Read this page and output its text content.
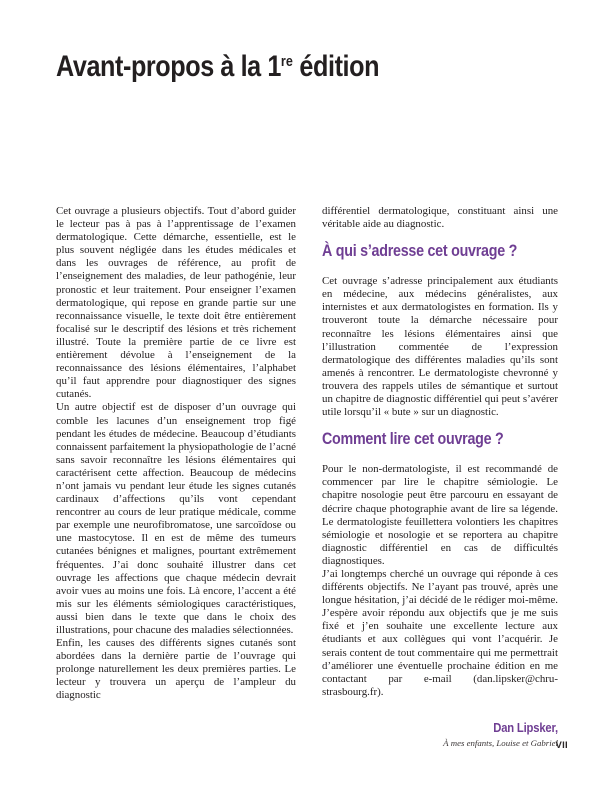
Avant-propos à la 1re édition

Cet ouvrage a plusieurs objectifs. Tout d’abord guider le lecteur pas à pas à l’apprentissage de l’examen dermatologique. Cette démarche, essentielle, est le plus souvent négligée dans les études médicales et dans les ouvrages de référence, au profit de l’enseignement des maladies, de leur pathogénie, leur pronostic et leur traitement. Pour enseigner l’examen dermatologique, qui repose en grande partie sur une reconnaissance visuelle, le texte doit être entièrement focalisé sur le descriptif des lésions et très richement illustré. Toute la première partie de ce livre est entièrement dévolue à l’enseignement de la reconnaissance des lésions élémentaires, l’alphabet qu’il faut apprendre pour diagnostiquer des signes cutanés.

Un autre objectif est de disposer d’un ouvrage qui comble les lacunes d’un enseignement trop figé pendant les études de médecine. Beaucoup d’étudiants connaissent parfaitement la physiopathologie de l’acné sans savoir reconnaître les lésions élémentaires qui caractérisent cette affection. Beaucoup de médecins n’ont jamais vu pendant leur étude les signes cutanés cardinaux d’affections qu’ils vont cependant rencontrer au cours de leur pratique médicale, comme par exemple une neurofibromatose, une sarcoïdose ou une mastocytose. Il en est de même des tumeurs cutanées bénignes et malignes, pourtant extrêmement fréquentes. J’ai donc souhaité illustrer dans cet ouvrage les affections que chaque médecin devrait avoir vues au moins une fois. Là encore, l’accent a été mis sur les éléments sémiologiques caractéristiques, aussi bien dans le texte que dans le choix des illustrations, pour chacune des maladies sélectionnées.

Enfin, les causes des différents signes cutanés sont abordées dans la dernière partie de l’ouvrage qui prolonge naturellement les deux premières parties. Le lecteur y trouvera un aperçu de l’ampleur du diagnostic

différentiel dermatologique, constituant ainsi une véritable aide au diagnostic.

À qui s’adresse cet ouvrage ?

Cet ouvrage s’adresse principalement aux étudiants en médecine, aux médecins généralistes, aux internistes et aux dermatologistes en formation. Ils y trouveront toute la démarche nécessaire pour reconnaître les lésions élémentaires ainsi que l’illustration commentée de l’expression dermatologique des différentes maladies qu’ils sont amenés à rencontrer. Le dermatologiste chevronné y trouvera des rappels utiles de sémantique et surtout un chapitre de diagnostic différentiel qui peut s’avérer utile lorsqu’il « bute » sur un diagnostic.

Comment lire cet ouvrage ?

Pour le non-dermatologiste, il est recommandé de commencer par lire le chapitre sémiologie. Le chapitre nosologie peut être parcouru en essayant de décrire chaque photographie avant de lire sa légende. Le dermatologiste feuillettera volontiers les chapitres sémiologie et nosologie et se reportera au chapitre diagnostic différentiel en cas de difficultés diagnostiques.

J’ai longtemps cherché un ouvrage qui réponde à ces différents objectifs. Ne l’ayant pas trouvé, après une longue hésitation, j’ai décidé de le rédiger moi-même. J’espère avoir répondu aux objectifs que je me suis fixé et j’en souhaite une excellente lecture aux étudiants et aux collègues qui vont l’acquérir. Je serais content de tout commentaire qui me permettrait d’améliorer une éventuelle prochaine édition en me contactant par e-mail (dan.lipsker@chru-strasbourg.fr).

Dan Lipsker,
À mes enfants, Louise et Gabriel
VII
